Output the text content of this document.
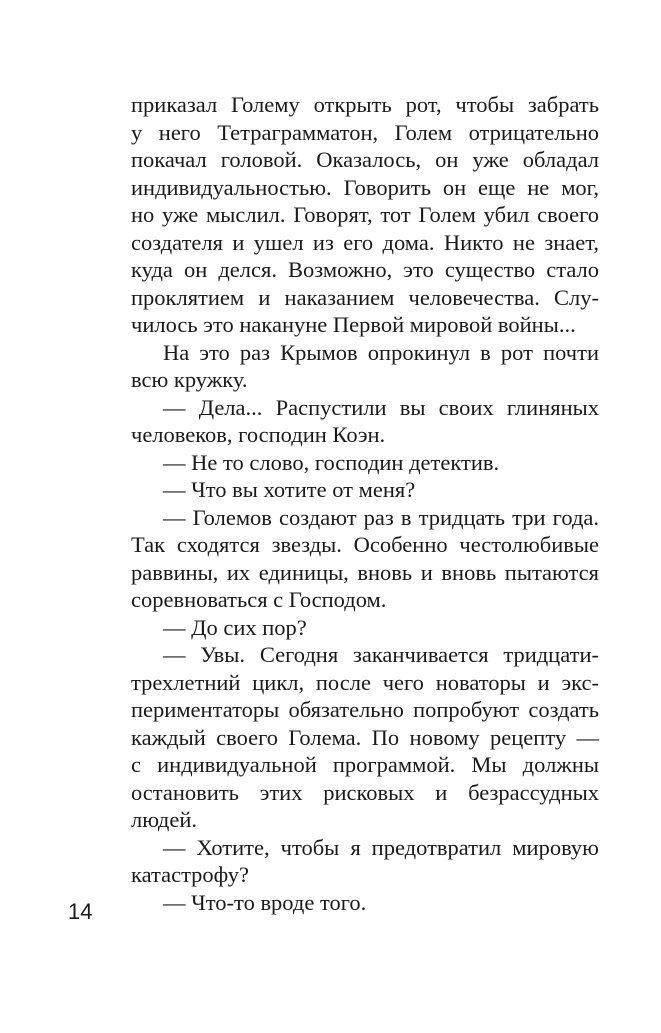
приказал Голему открыть рот, чтобы забрать
у него Тетраграмматон, Голем отрицательно
покачал головой. Оказалось, он уже обладал
индивидуальностью. Говорить он еще не мог,
но уже мыслил. Говорят, тот Голем убил своего
создателя и ушел из его дома. Никто не знает,
куда он делся. Возможно, это существо стало
проклятием и наказанием человечества. Слу-
чилось это накануне Первой мировой войны...
На это раз Крымов опрокинул в рот почти
всю кружку.
— Дела... Распустили вы своих глиняных
человеков, господин Коэн.
— Не то слово, господин детектив.
— Что вы хотите от меня?
— Големов создают раз в тридцать три года.
Так сходятся звезды. Особенно честолюбивые
раввины, их единицы, вновь и вновь пытаются
соревноваться с Господом.
— До сих пор?
— Увы. Сегодня заканчивается тридцати-
трехлетний цикл, после чего новаторы и экс-
периментаторы обязательно попробуют создать
каждый своего Голема. По новому рецепту —
с индивидуальной программой. Мы должны
остановить этих рисковых и безрассудных
людей.
— Хотите, чтобы я предотвратил мировую
катастрофу?
— Что-то вроде того.
14
